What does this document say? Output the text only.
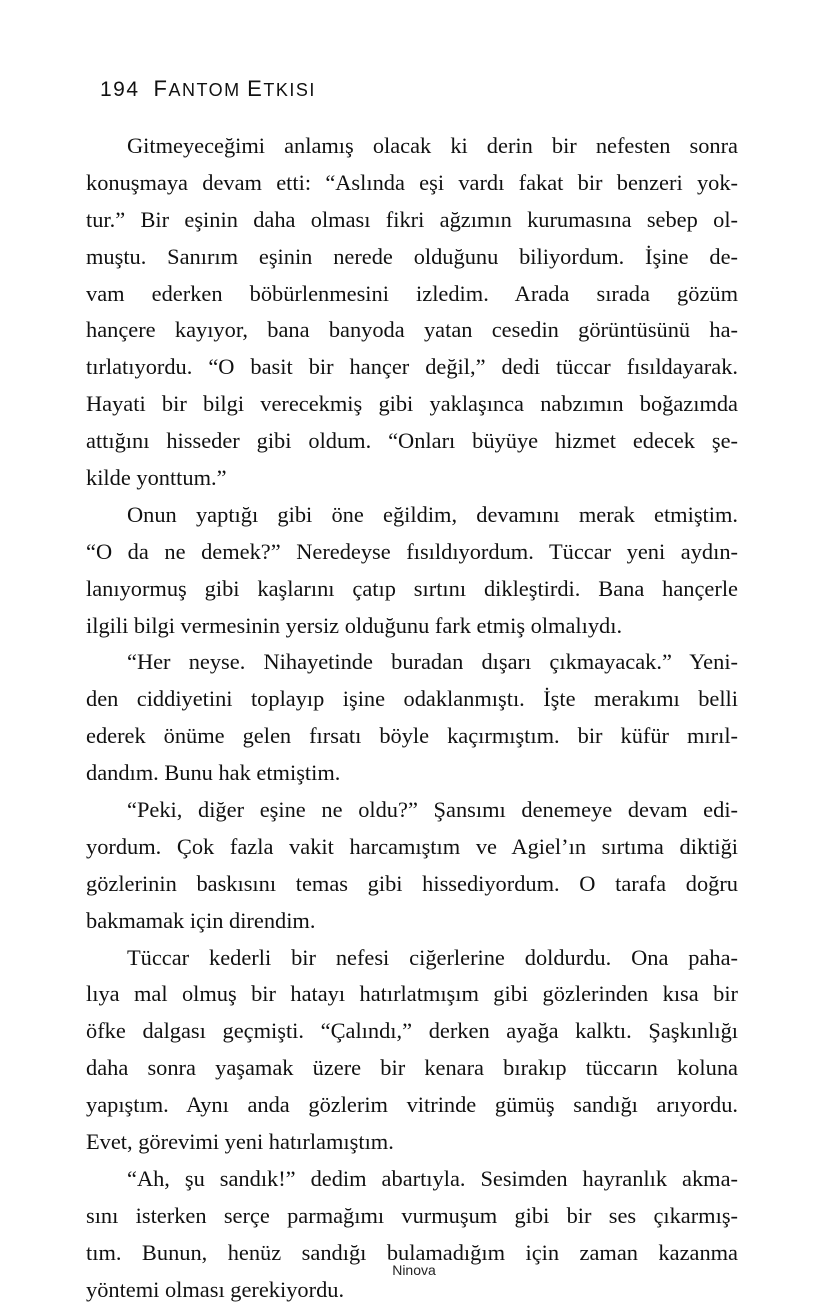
194 FANTOM ETKISI
Gitmeyeceğimi anlamış olacak ki derin bir nefesten sonra
konuşmaya devam etti: “Aslında eşi vardı fakat bir benzeri yok-
tur.” Bir eşinin daha olması fikri ağzımın kurumasına sebep ol-
muştu. Sanırım eşinin nerede olduğunu biliyordum. İşine de-
vam ederken böbürlenmesini izledim. Arada sırada gözüm
hançere kayıyor, bana banyoda yatan cesedin görüntüsünü ha-
tırlatıyordu. “O basit bir hançer değil,” dedi tüccar fısıldayarak.
Hayati bir bilgi verecekmiş gibi yaklaşınca nabzımın boğazımda
attığını hisseder gibi oldum. “Onları büyüye hizmet edecek şe-
kilde yonttum.”
Onun yaptığı gibi öne eğildim, devamını merak etmiştim.
“O da ne demek?” Neredeyse fısıldıyordum. Tüccar yeni aydın-
lanıyormuş gibi kaşlarını çatıp sırtını dikleştirdi. Bana hançerle
ilgili bilgi vermesinin yersiz olduğunu fark etmiş olmalıydı.
“Her neyse. Nihayetinde buradan dışarı çıkmayacak.” Yeni-
den ciddiyetini toplayıp işine odaklanmıştı. İşte merakımı belli
ederek önüme gelen fırsatı böyle kaçırmıştım. bir küfür mırıl-
dandım. Bunu hak etmiştim.
“Peki, diğer eşine ne oldu?” Şansımı denemeye devam edi-
yordum. Çok fazla vakit harcamıştım ve Agiel’ın sırtıma diktiği
gözlerinin baskısını temas gibi hissediyordum. O tarafa doğru
bakmamak için direndim.
Tüccar kederli bir nefesi ciğerlerine doldurdu. Ona paha-
lıya mal olmuş bir hatayı hatırlatmışım gibi gözlerinden kısa bir
öfke dalgası geçmişti. “Çalındı,” derken ayağa kalktı. Şaşkınlığı
daha sonra yaşamak üzere bir kenara bırakıp tüccarın koluna
yapıştım. Aynı anda gözlerim vitrinde gümüş sandığı arıyordu.
Evet, görevimi yeni hatırlamıştım.
“Ah, şu sandık!” dedim abartıyla. Sesimden hayranlık akma-
sını isterken serçe parmağımı vurmuşum gibi bir ses çıkarmış-
tım. Bunun, henüz sandığı bulamadığım için zaman kazanma
yöntemi olması gerekiyordu.
Ninova
